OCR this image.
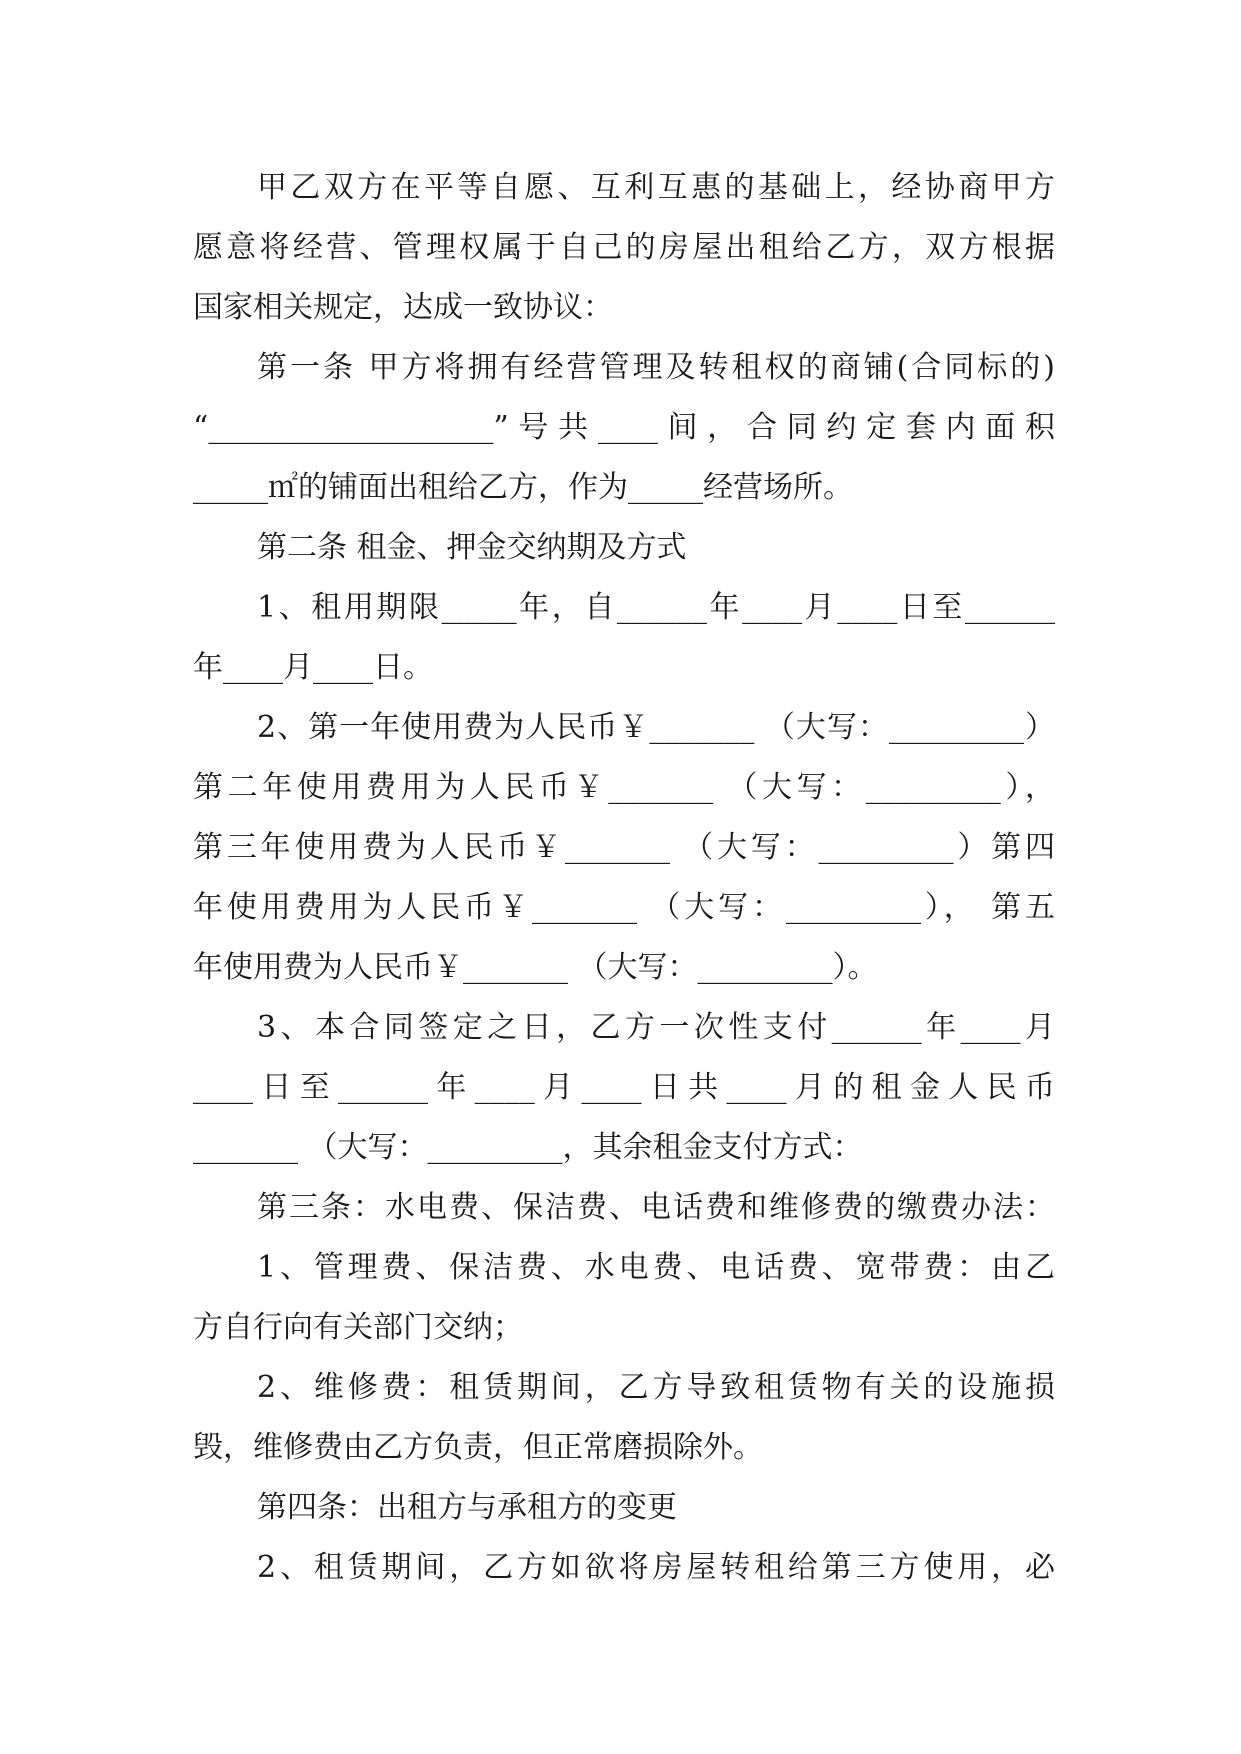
甲乙双方在平等自愿、互利互惠的基础上，经协商甲方
愿意将经营、管理权属于自己的房屋出租给乙方，双方根据
国家相关规定，达成一致协议：
第一条 甲方将拥有经营管理及转租权的商铺(合同标的)
“___________________”号共____间，合同约定套内面积
_____㎡的铺面出租给乙方，作为_____经营场所。
第二条 租金、押金交纳期及方式
1、租用期限_____年，自______年____月____日至______
年____月____日。
2、第一年使用费为人民币￥_______ （大写：_________）
第二年使用费用为人民币￥_______ （大写：_________），
第三年使用费为人民币￥_______ （大写：_________）第四
年使用费用为人民币￥_______ （大写：_________）， 第五
年使用费为人民币￥_______ （大写：_________）。
3、本合同签定之日，乙方一次性支付______年____月
____日至______年____月____日共____月的租金人民币
_______ （大写：_________，其余租金支付方式：
第三条：水电费、保洁费、电话费和维修费的缴费办法：
1、管理费、保洁费、水电费、电话费、宽带费：由乙
方自行向有关部门交纳；
2、维修费：租赁期间，乙方导致租赁物有关的设施损
毁，维修费由乙方负责，但正常磨损除外。
第四条：出租方与承租方的变更
2、租赁期间，乙方如欲将房屋转租给第三方使用，必
